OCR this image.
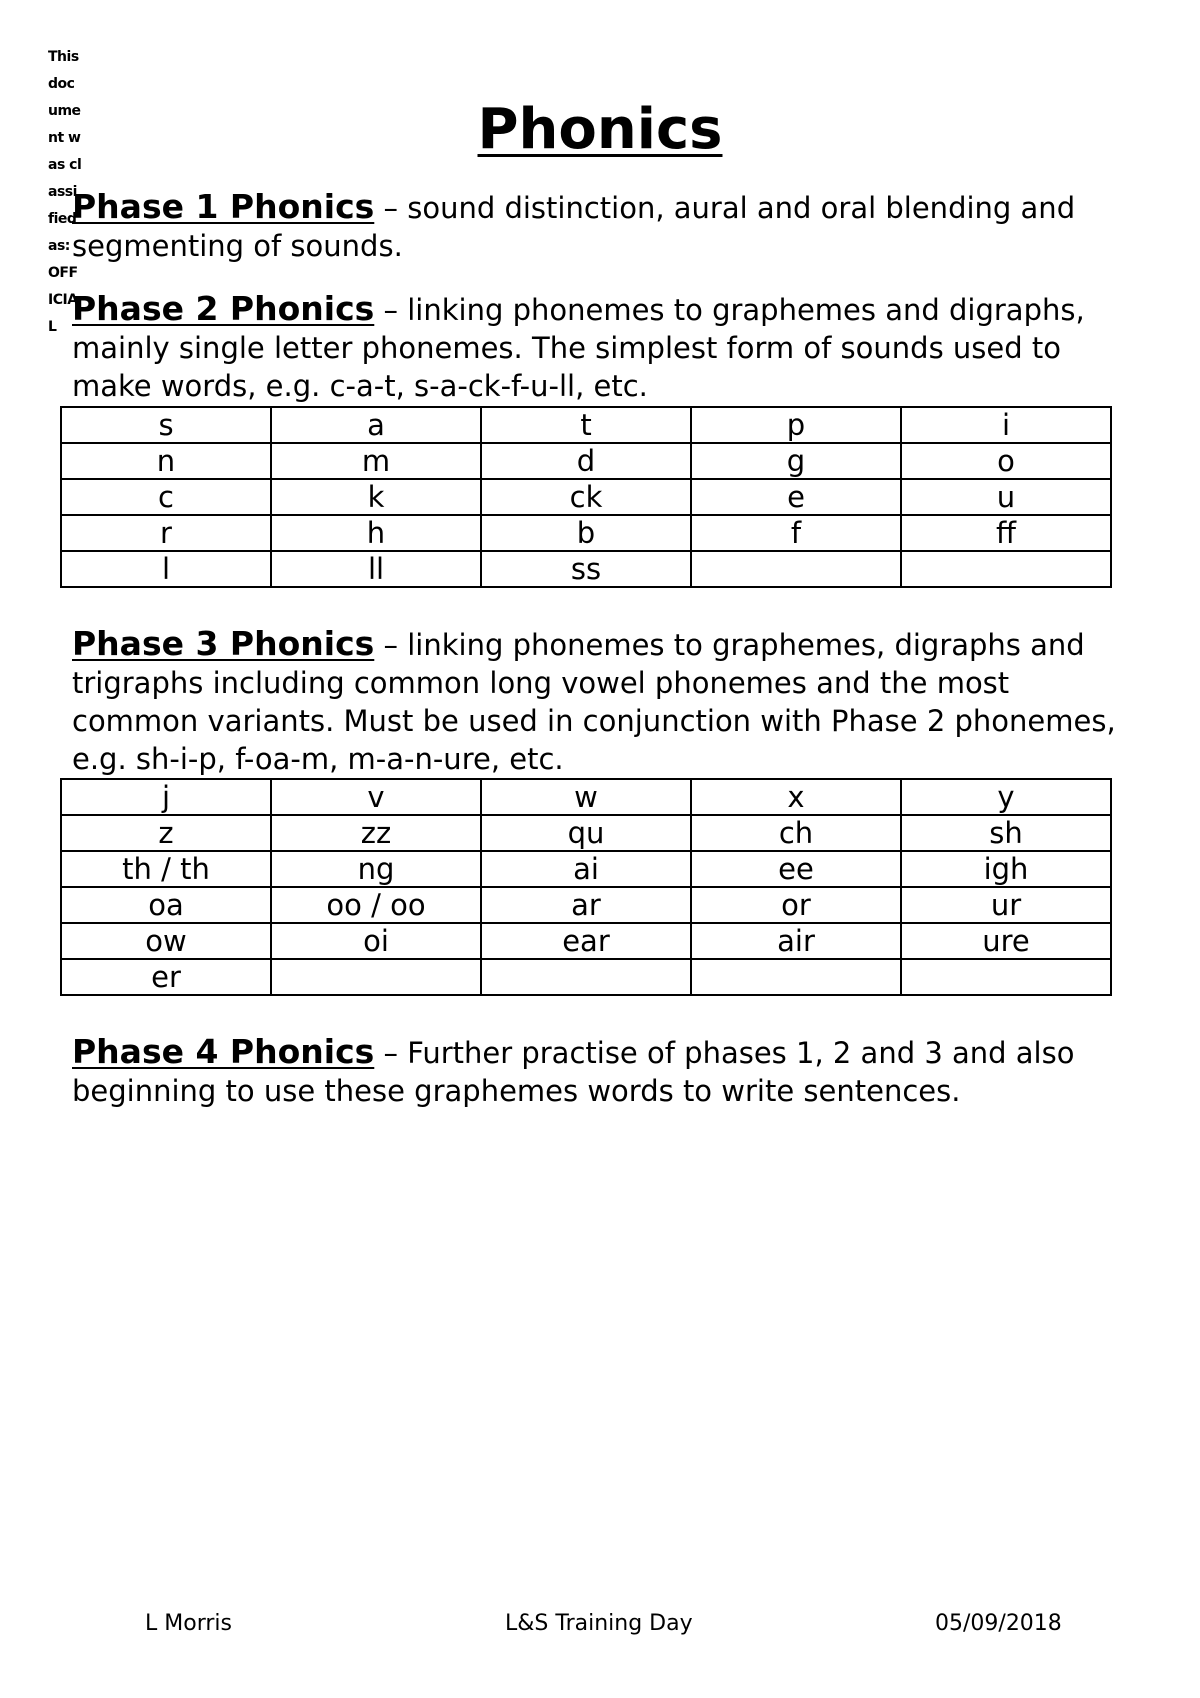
This document was classified as: OFFICIAL
Phonics

Phase 1 Phonics – sound distinction, aural and oral blending and segmenting of sounds.

Phase 2 Phonics – linking phonemes to graphemes and digraphs, mainly single letter phonemes. The simplest form of sounds used to make words, e.g. c-a-t, s-a-ck-f-u-ll, etc.

s	a	t	p	i
n	m	d	g	o
c	k	ck	e	u
r	h	b	f	ff
l	ll	ss		

Phase 3 Phonics – linking phonemes to graphemes, digraphs and trigraphs including common long vowel phonemes and the most common variants. Must be used in conjunction with Phase 2 phonemes, e.g. sh-i-p, f-oa-m, m-a-n-ure, etc.

j	v	w	x	y
z	zz	qu	ch	sh
th / th	ng	ai	ee	igh
oa	oo / oo	ar	or	ur
ow	oi	ear	air	ure
er				

Phase 4 Phonics – Further practise of phases 1, 2 and 3 and also beginning to use these graphemes words to write sentences.

L Morris	L&S Training Day	05/09/2018
